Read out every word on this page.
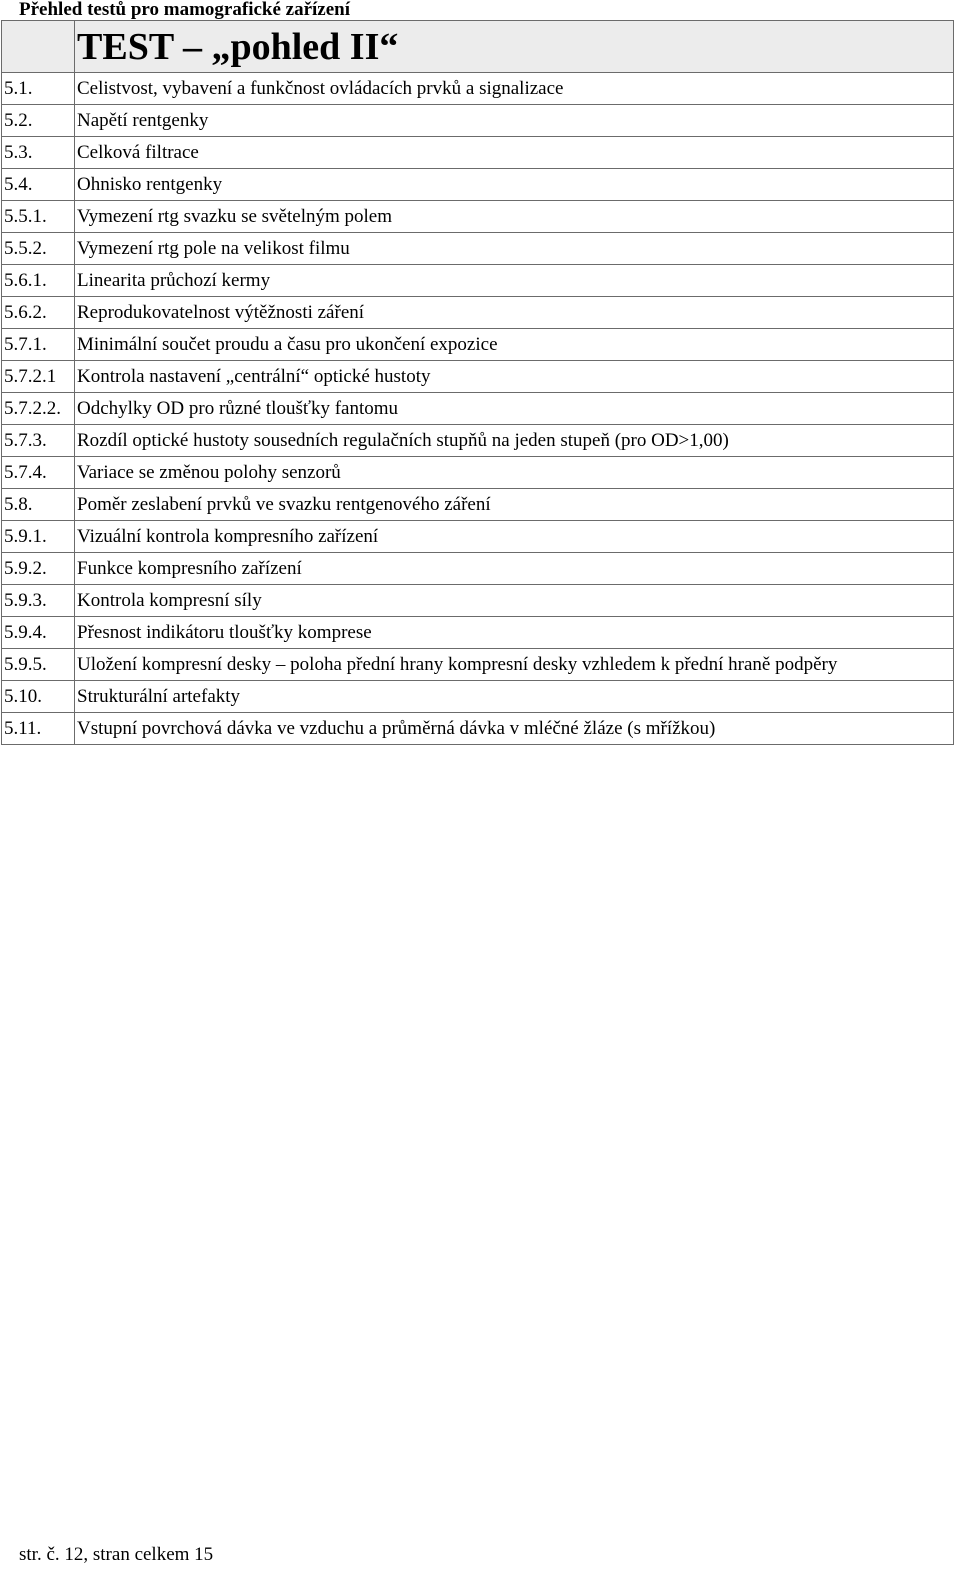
Přehled testů pro mamografické zařízení
	TEST – „pohled II“
5.1.	Celistvost, vybavení a funkčnost ovládacích prvků a signalizace
5.2.	Napětí rentgenky
5.3.	Celková filtrace
5.4.	Ohnisko rentgenky
5.5.1.	Vymezení rtg svazku se světelným polem
5.5.2.	Vymezení rtg pole na velikost filmu
5.6.1.	Linearita průchozí kermy
5.6.2.	Reprodukovatelnost výtěžnosti záření
5.7.1.	Minimální součet proudu a času pro ukončení expozice
5.7.2.1	Kontrola nastavení „centrální“ optické hustoty
5.7.2.2.	Odchylky OD pro různé tloušťky fantomu
5.7.3.	Rozdíl optické hustoty sousedních regulačních stupňů na jeden stupeň (pro OD>1,00)
5.7.4.	Variace se změnou polohy senzorů
5.8.	Poměr zeslabení prvků ve svazku rentgenového záření
5.9.1.	Vizuální kontrola kompresního zařízení
5.9.2.	Funkce kompresního zařízení
5.9.3.	Kontrola kompresní síly
5.9.4.	Přesnost indikátoru tloušťky komprese
5.9.5.	Uložení kompresní desky – poloha přední hrany kompresní desky vzhledem k přední hraně podpěry
5.10.	Strukturální artefakty
5.11.	Vstupní povrchová dávka ve vzduchu a průměrná dávka v mléčné žláze (s mřížkou)
str. č. 12, stran celkem 15
